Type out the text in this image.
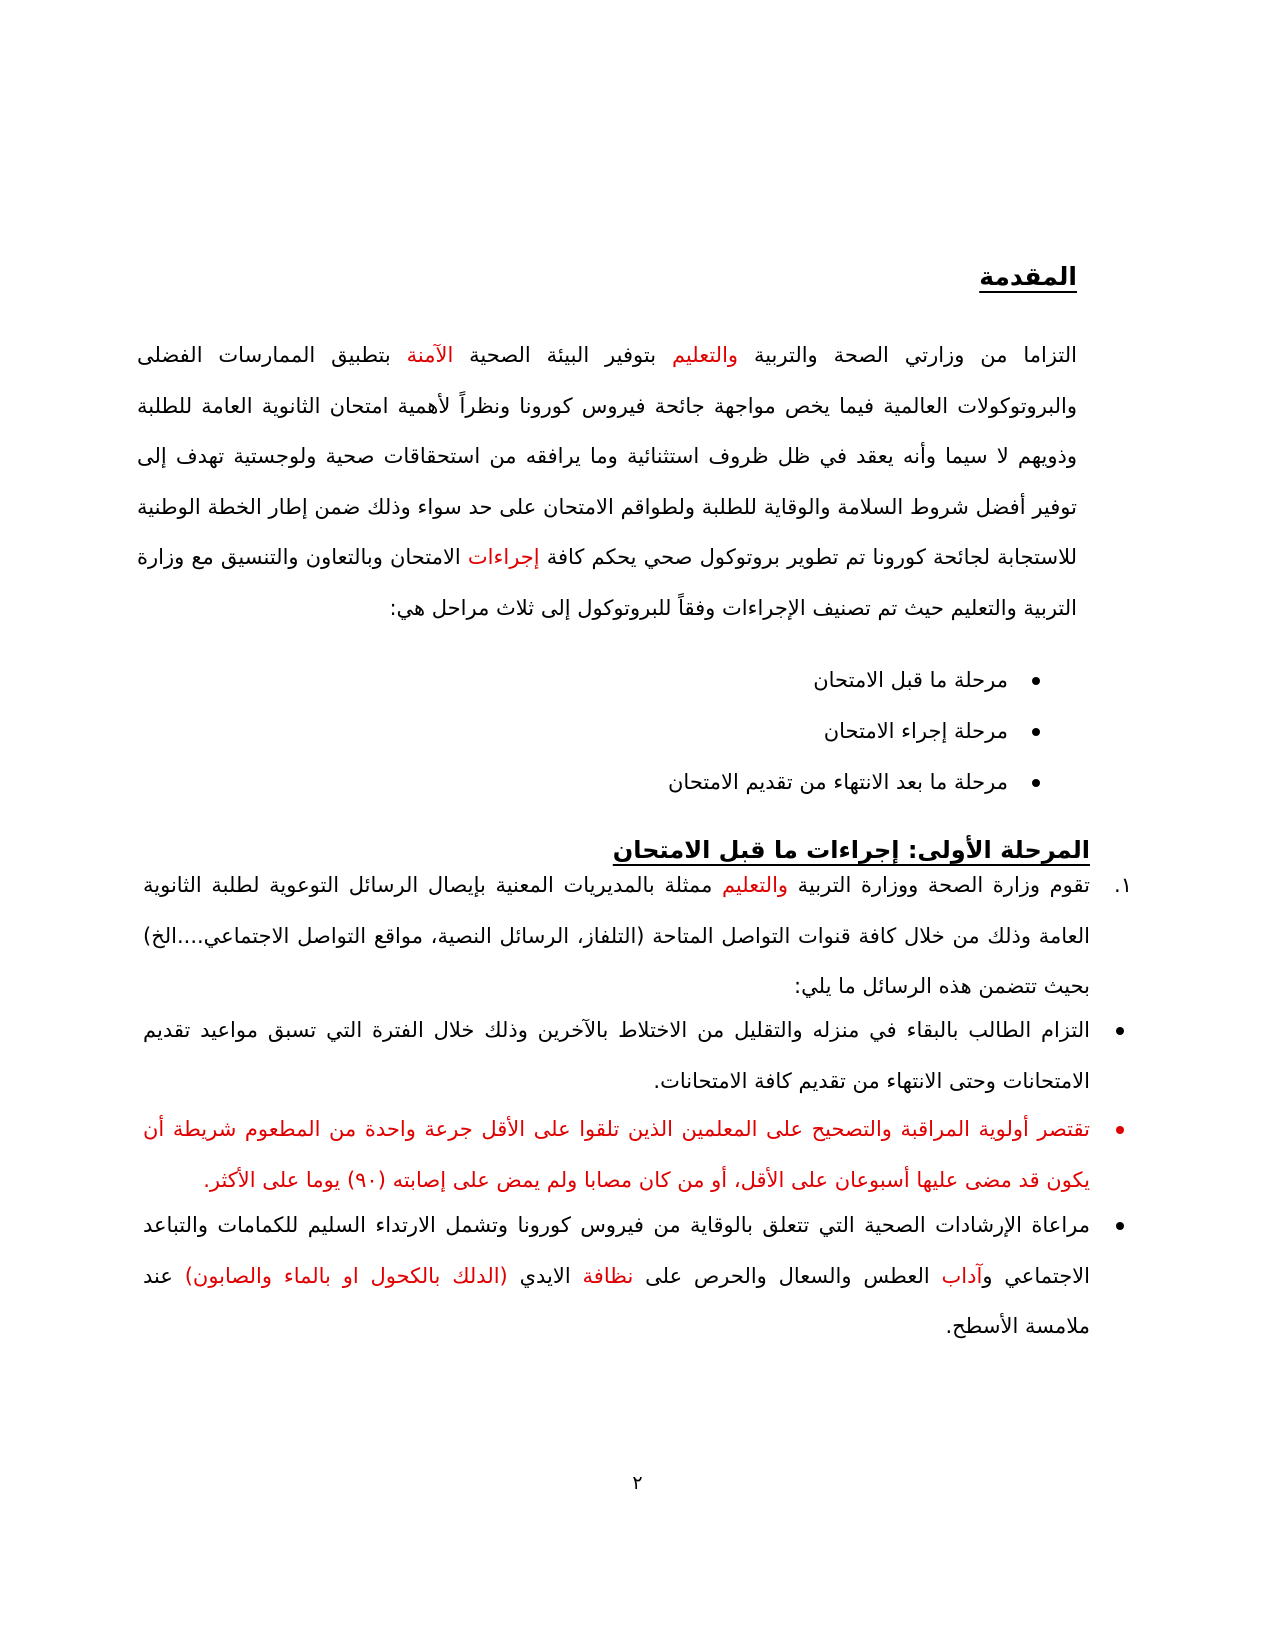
المقدمة

التزاما من وزارتي الصحة والتربية والتعليم بتوفير البيئة الصحية الآمنة بتطبيق الممارسات الفضلى والبروتوكولات العالمية فيما يخص مواجهة جائحة فيروس كورونا ونظراً لأهمية امتحان الثانوية العامة للطلبة وذويهم لا سيما وأنه يعقد في ظل ظروف استثنائية وما يرافقه من استحقاقات صحية ولوجستية تهدف إلى توفير أفضل شروط السلامة والوقاية للطلبة ولطواقم الامتحان على حد سواء وذلك ضمن إطار الخطة الوطنية للاستجابة لجائحة كورونا تم تطوير بروتوكول صحي يحكم كافة إجراءات الامتحان وبالتعاون والتنسيق مع وزارة التربية والتعليم حيث تم تصنيف الإجراءات وفقاً للبروتوكول إلى ثلاث مراحل هي:

مرحلة ما قبل الامتحان
مرحلة إجراء الامتحان
مرحلة ما بعد الانتهاء من تقديم الامتحان
المرحلة الأولى: إجراءات ما قبل الامتحان

١.
تقوم وزارة الصحة ووزارة التربية والتعليم ممثلة بالمديريات المعنية بإيصال الرسائل التوعوية لطلبة الثانوية العامة وذلك من خلال كافة قنوات التواصل المتاحة (التلفاز، الرسائل النصية، مواقع التواصل الاجتماعي....الخ) بحيث تتضمن هذه الرسائل ما يلي:

التزام الطالب بالبقاء في منزله والتقليل من الاختلاط بالآخرين وذلك خلال الفترة التي تسبق مواعيد تقديم الامتحانات وحتى الانتهاء من تقديم كافة الامتحانات.

تقتصر أولوية المراقبة والتصحيح على المعلمين الذين تلقوا على الأقل جرعة واحدة من المطعوم شريطة أن يكون قد مضى عليها أسبوعان على الأقل، أو من كان مصابا ولم يمض على إصابته (٩٠) يوما على الأكثر.

مراعاة الإرشادات الصحية التي تتعلق بالوقاية من فيروس كورونا وتشمل الارتداء السليم للكمامات والتباعد الاجتماعي وآداب العطس والسعال والحرص على نظافة الايدي (الدلك بالكحول او بالماء والصابون) عند ملامسة الأسطح.

٢
